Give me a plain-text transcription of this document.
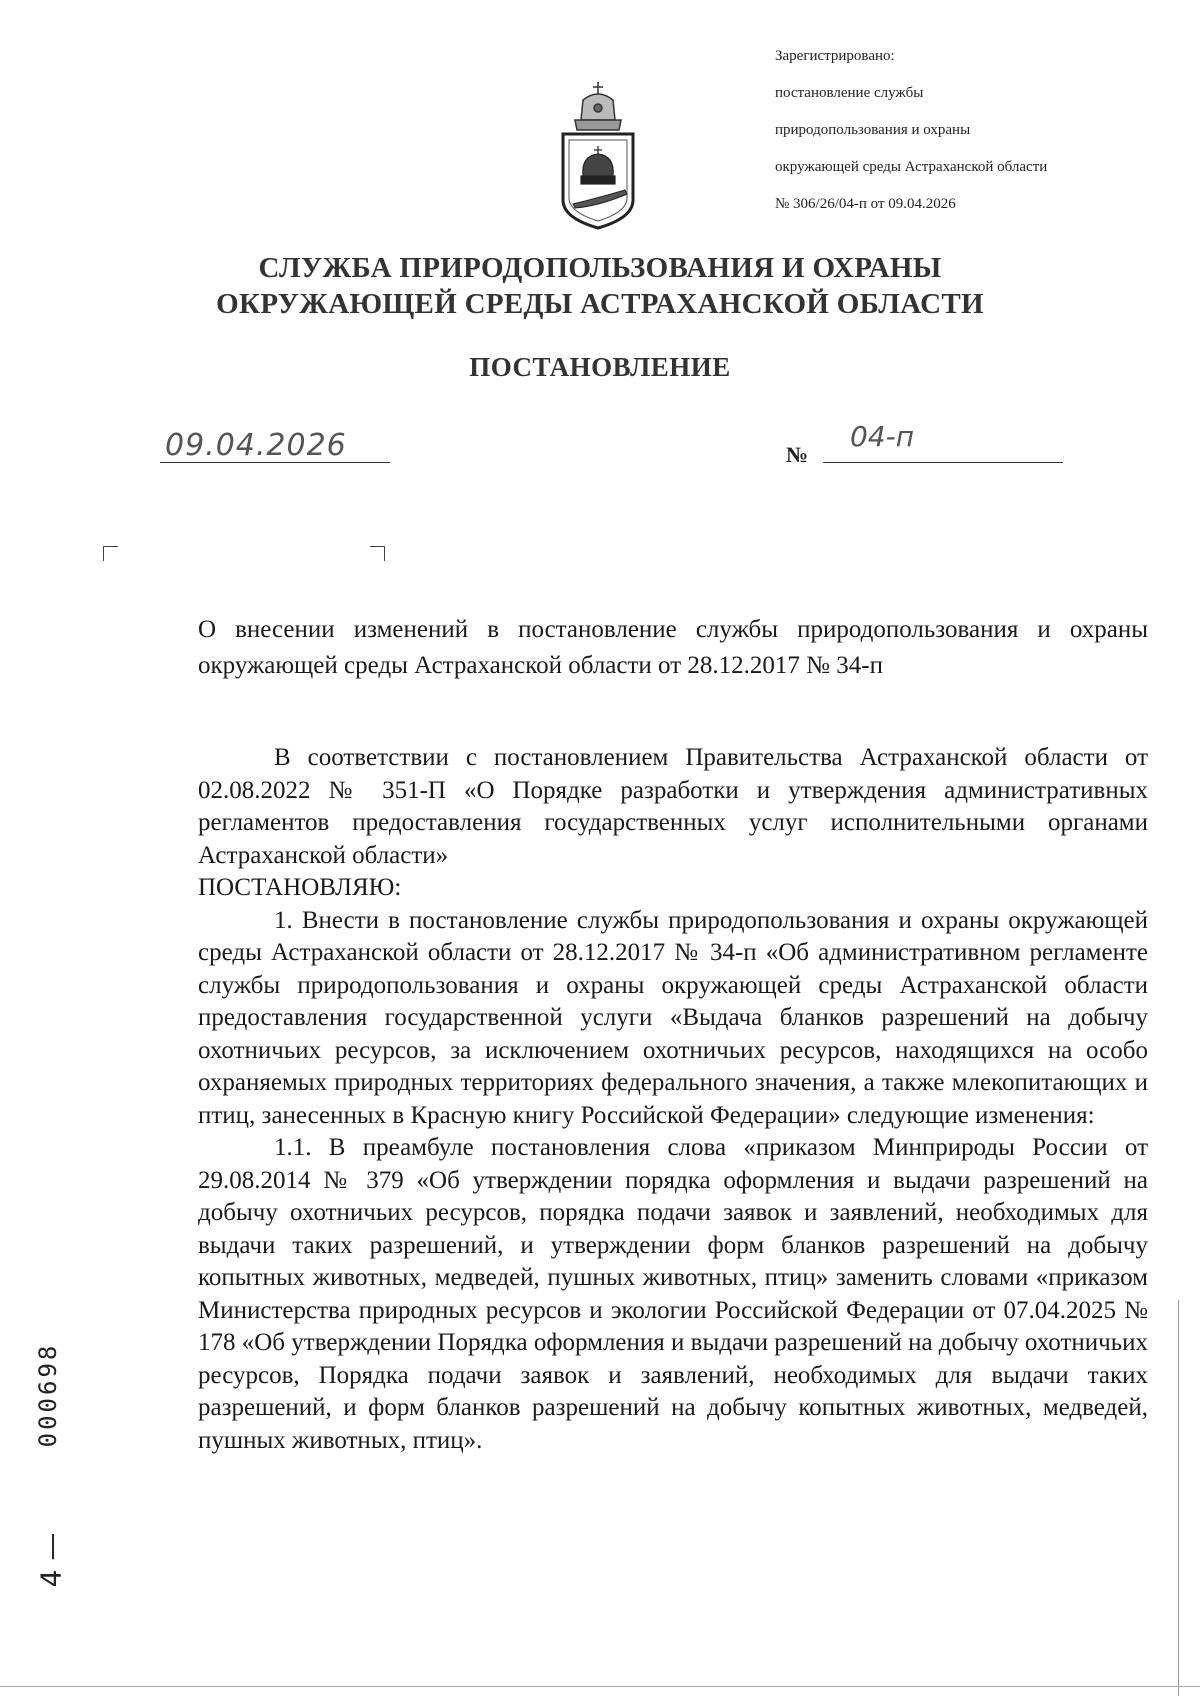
Зарегистрировано:
постановление службы
природопользования и охраны
окружающей среды Астраханской области
№ 306/26/04-п от 09.04.2026
СЛУЖБА ПРИРОДОПОЛЬЗОВАНИЯ И ОХРАНЫ
ОКРУЖАЮЩЕЙ СРЕДЫ АСТРАХАНСКОЙ ОБЛАСТИ
ПОСТАНОВЛЕНИЕ
09.04.2026	№
04-п
О внесении изменений в постановление службы природопользования и охраны окружающей среды Астраханской области от 28.12.2017 № 34-п

В соответствии с постановлением Правительства Астраханской области от 02.08.2022 № 351-П «О Порядке разработки и утверждения административных регламентов предоставления государственных услуг исполнительными органами Астраханской области»

ПОСТАНОВЛЯЮ:

1. Внести в постановление службы природопользования и охраны окружающей среды Астраханской области от 28.12.2017 № 34-п «Об административном регламенте службы природопользования и охраны окружающей среды Астраханской области предоставления государственной услуги «Выдача бланков разрешений на добычу охотничьих ресурсов, за исключением охотничьих ресурсов, находящихся на особо охраняемых природных территориях федерального значения, а также млекопитающих и птиц, занесенных в Красную книгу Российской Федерации» следующие изменения:

1.1. В преамбуле постановления слова «приказом Минприроды России от 29.08.2014 № 379 «Об утверждении порядка оформления и выдачи разрешений на добычу охотничьих ресурсов, порядка подачи заявок и заявлений, необходимых для выдачи таких разрешений, и утверждении форм бланков разрешений на добычу копытных животных, медведей, пушных животных, птиц» заменить словами «приказом Министерства природных ресурсов и экологии Российской Федерации от 07.04.2025 № 178 «Об утверждении Порядка оформления и выдачи разрешений на добычу охотничьих ресурсов, Порядка подачи заявок и заявлений, необходимых для выдачи таких разрешений, и форм бланков разрешений на добычу копытных животных, медведей, пушных животных, птиц».

000698
4 —
